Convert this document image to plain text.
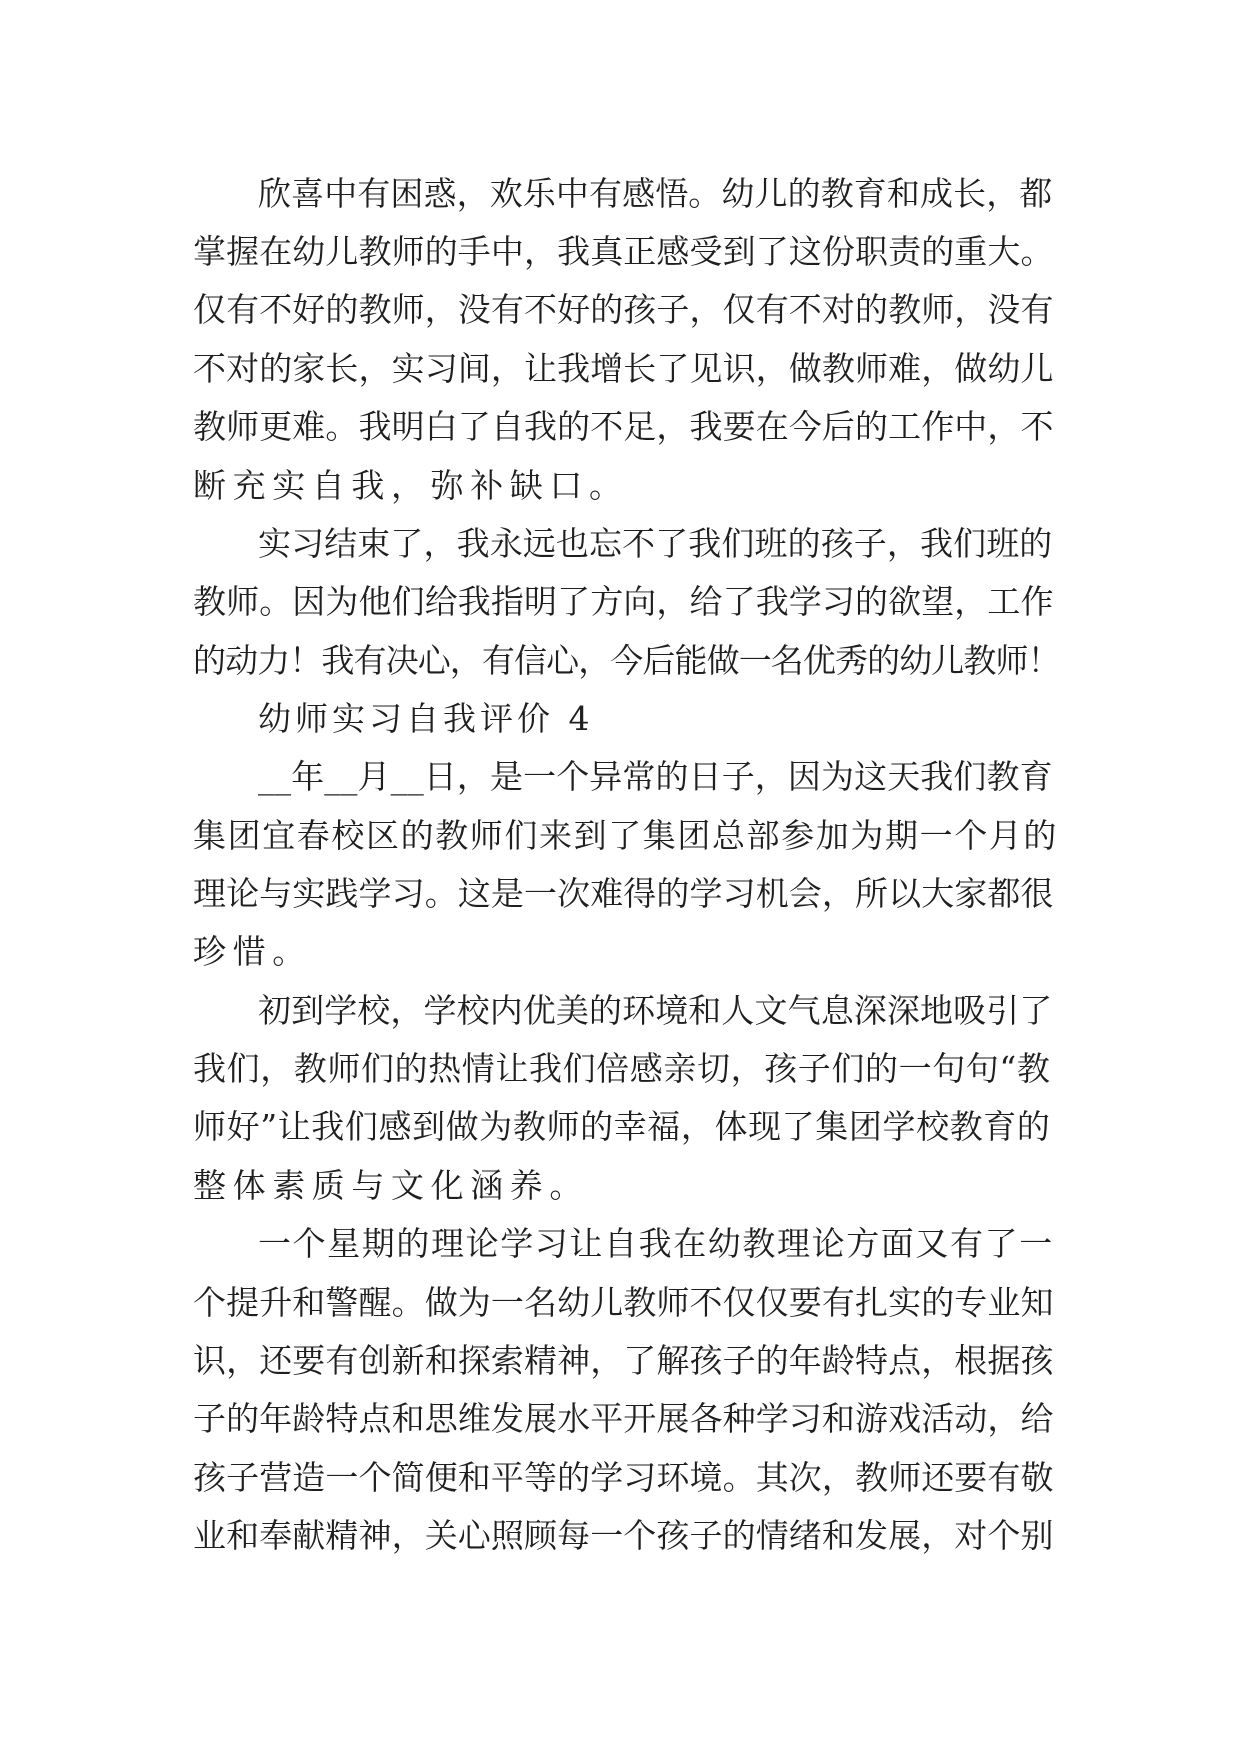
欣喜中有困惑，欢乐中有感悟。幼儿的教育和成长，都
掌握在幼儿教师的手中，我真正感受到了这份职责的重大。
仅有不好的教师，没有不好的孩子，仅有不对的教师，没有
不对的家长，实习间，让我增长了见识，做教师难，做幼儿
教师更难。我明白了自我的不足，我要在今后的工作中，不
断充实自我，弥补缺口。
实习结束了，我永远也忘不了我们班的孩子，我们班的
教师。因为他们给我指明了方向，给了我学习的欲望，工作
的动力！我有决心，有信心，今后能做一名优秀的幼儿教师！
幼师实习自我评价 4
__年__月__日，是一个异常的日子，因为这天我们教育
集团宜春校区的教师们来到了集团总部参加为期一个月的
理论与实践学习。这是一次难得的学习机会，所以大家都很
珍惜。
初到学校，学校内优美的环境和人文气息深深地吸引了
我们，教师们的热情让我们倍感亲切，孩子们的一句句“教
师好”让我们感到做为教师的幸福，体现了集团学校教育的
整体素质与文化涵养。
一个星期的理论学习让自我在幼教理论方面又有了一
个提升和警醒。做为一名幼儿教师不仅仅要有扎实的专业知
识，还要有创新和探索精神，了解孩子的年龄特点，根据孩
子的年龄特点和思维发展水平开展各种学习和游戏活动，给
孩子营造一个简便和平等的学习环境。其次，教师还要有敬
业和奉献精神，关心照顾每一个孩子的情绪和发展，对个别
